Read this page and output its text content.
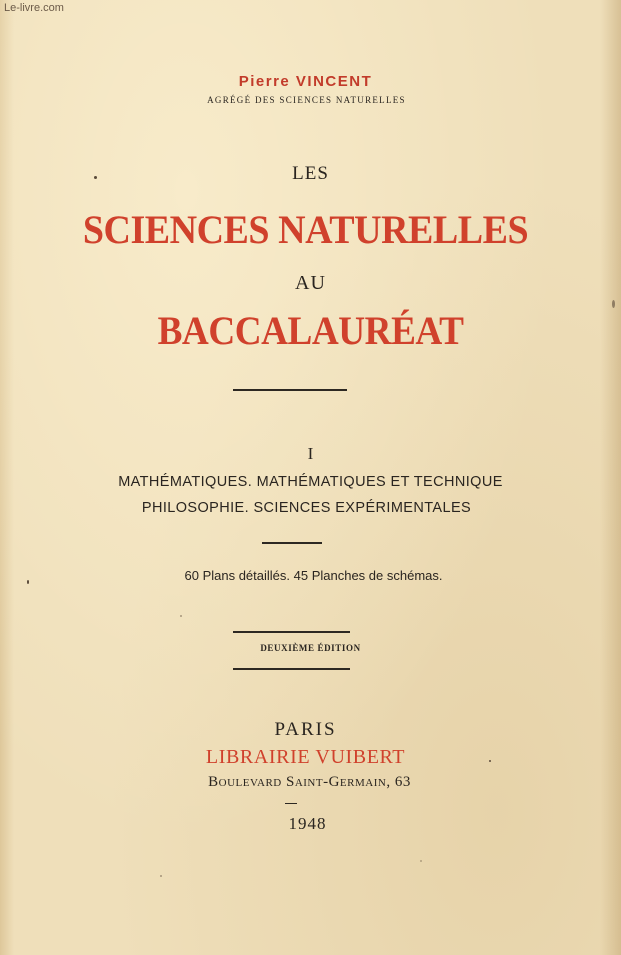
Le-livre.com
Pierre VINCENT
AGRÉGÉ DES SCIENCES NATURELLES
LES
SCIENCES NATURELLES
AU
BACCALAURÉAT
I
MATHÉMATIQUES. MATHÉMATIQUES ET TECHNIQUE
PHILOSOPHIE. SCIENCES EXPÉRIMENTALES
60 Plans détaillés. 45 Planches de schémas.
DEUXIÈME ÉDITION
PARIS
LIBRAIRIE VUIBERT
Boulevard Saint-Germain, 63
1948
